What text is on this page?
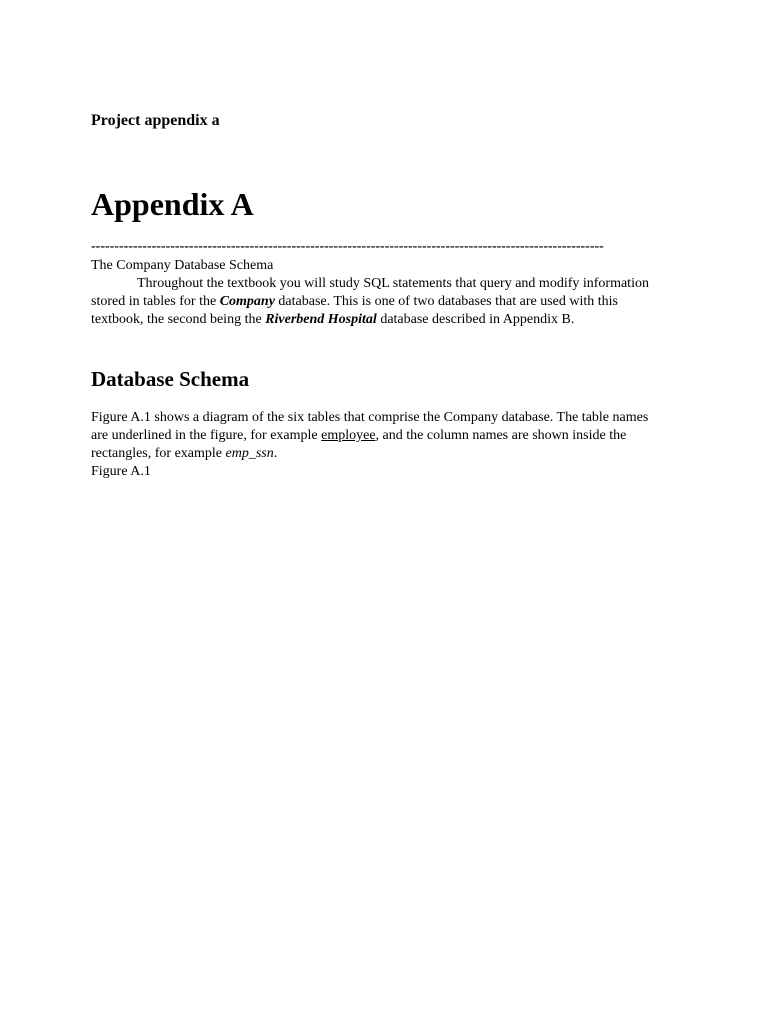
Project appendix a
Appendix A
--------------------------------------------------------------------------------------------------------------
The Company Database Schema
Throughout the textbook you will study SQL statements that query and modify information stored in tables for the Company database. This is one of two databases that are used with this textbook, the second being the Riverbend Hospital database described in Appendix B.
Database Schema
Figure A.1 shows a diagram of the six tables that comprise the Company database. The table names are underlined in the figure, for example employee, and the column names are shown inside the rectangles, for example emp_ssn.
Figure A.1
